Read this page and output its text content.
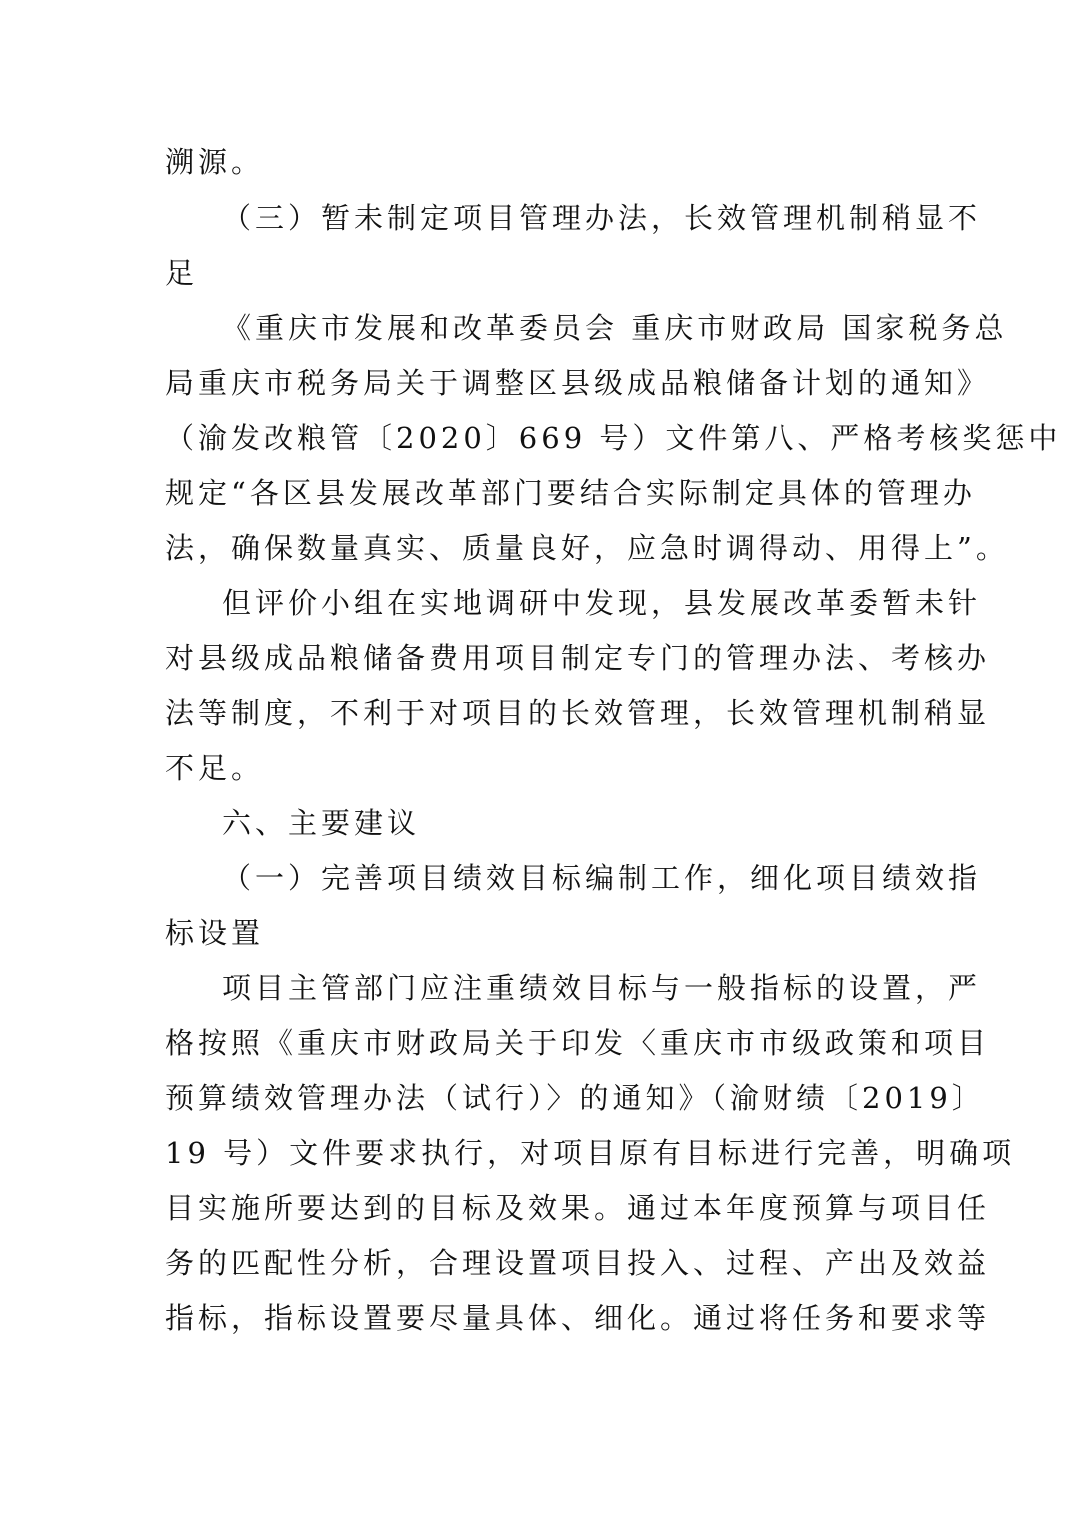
溯源。
（三）暂未制定项目管理办法，长效管理机制稍显不
足
《重庆市发展和改革委员会 重庆市财政局 国家税务总
局重庆市税务局关于调整区县级成品粮储备计划的通知》
（渝发改粮管〔2020〕669 号）文件第八、严格考核奖惩中
规定“各区县发展改革部门要结合实际制定具体的管理办
法，确保数量真实、质量良好，应急时调得动、用得上”。
但评价小组在实地调研中发现，县发展改革委暂未针
对县级成品粮储备费用项目制定专门的管理办法、考核办
法等制度，不利于对项目的长效管理，长效管理机制稍显
不足。
六、主要建议
（一）完善项目绩效目标编制工作，细化项目绩效指
标设置
项目主管部门应注重绩效目标与一般指标的设置，严
格按照《重庆市财政局关于印发〈重庆市市级政策和项目
预算绩效管理办法（试行）〉的通知》（渝财绩〔2019〕
19 号）文件要求执行，对项目原有目标进行完善，明确项
目实施所要达到的目标及效果。通过本年度预算与项目任
务的匹配性分析，合理设置项目投入、过程、产出及效益
指标，指标设置要尽量具体、细化。通过将任务和要求等
